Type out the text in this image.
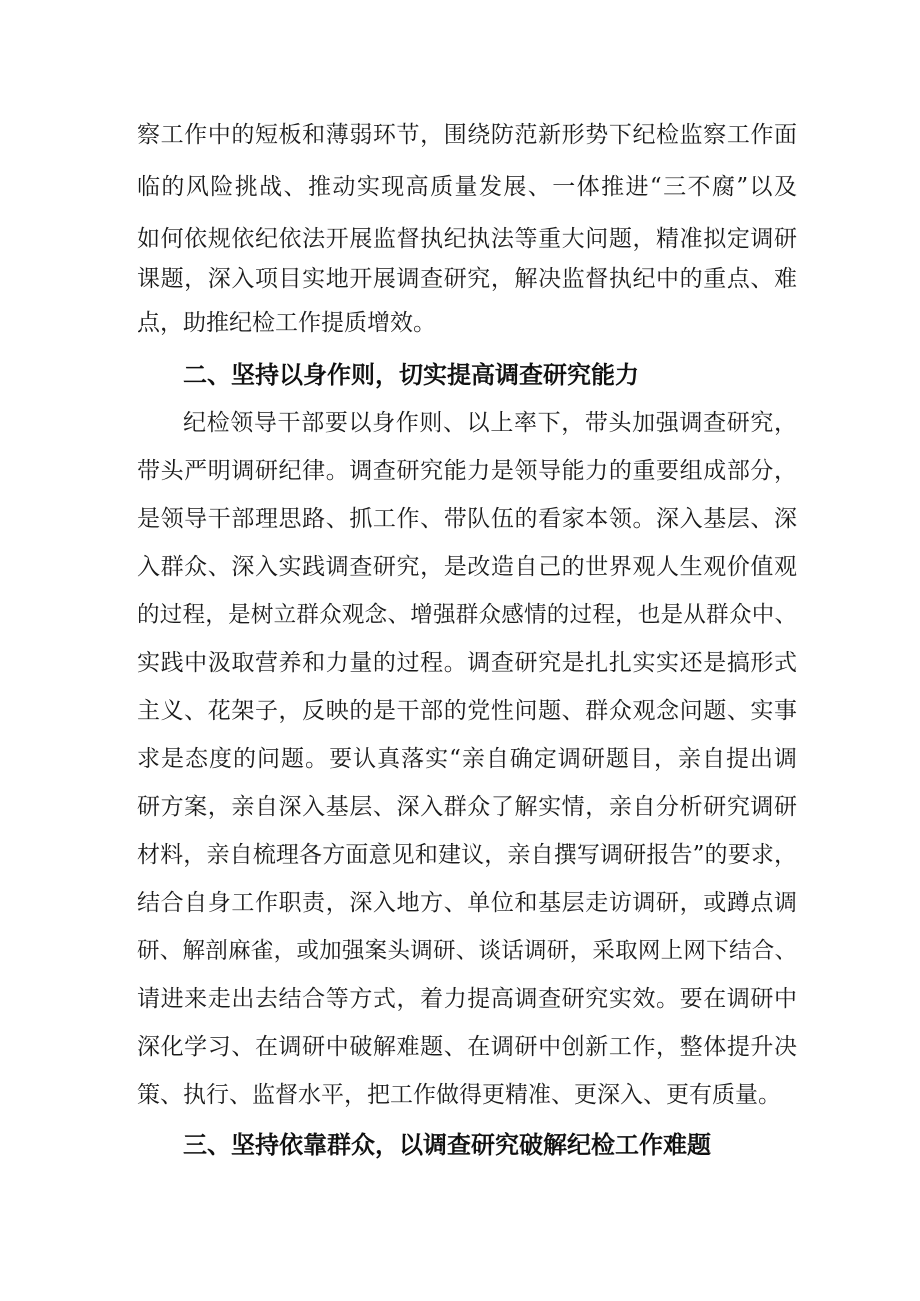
察工作中的短板和薄弱环节，围绕防范新形势下纪检监察工作面
临的风险挑战、推动实现高质量发展、一体推进“三不腐”以及
如何依规依纪依法开展监督执纪执法等重大问题，精准拟定调研
课题，深入项目实地开展调查研究，解决监督执纪中的重点、难
点，助推纪检工作提质增效。
二、坚持以身作则，切实提高调查研究能力
纪检领导干部要以身作则、以上率下，带头加强调查研究，
带头严明调研纪律。调查研究能力是领导能力的重要组成部分，
是领导干部理思路、抓工作、带队伍的看家本领。深入基层、深
入群众、深入实践调查研究，是改造自己的世界观人生观价值观
的过程，是树立群众观念、增强群众感情的过程，也是从群众中、
实践中汲取营养和力量的过程。调查研究是扎扎实实还是搞形式
主义、花架子，反映的是干部的党性问题、群众观念问题、实事
求是态度的问题。要认真落实“亲自确定调研题目，亲自提出调
研方案，亲自深入基层、深入群众了解实情，亲自分析研究调研
材料，亲自梳理各方面意见和建议，亲自撰写调研报告”的要求，
结合自身工作职责，深入地方、单位和基层走访调研，或蹲点调
研、解剖麻雀，或加强案头调研、谈话调研，采取网上网下结合、
请进来走出去结合等方式，着力提高调查研究实效。要在调研中
深化学习、在调研中破解难题、在调研中创新工作，整体提升决
策、执行、监督水平，把工作做得更精准、更深入、更有质量。
三、坚持依靠群众，以调查研究破解纪检工作难题
